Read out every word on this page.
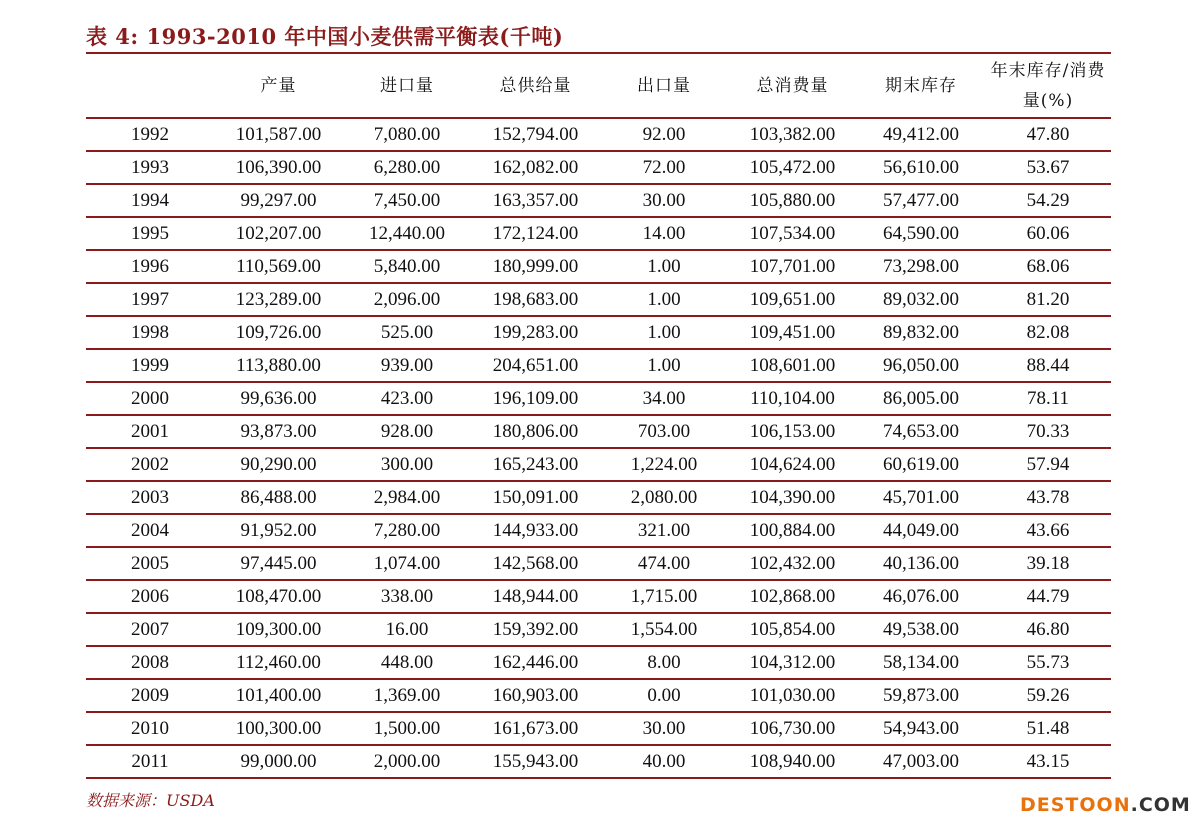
表 4: 1993-2010 年中国小麦供需平衡表(千吨)
	产量	进口量	总供给量	出口量	总消费量	期末库存	年末库存/消费量(%)
1992	101,587.00	7,080.00	152,794.00	92.00	103,382.00	49,412.00	47.80
1993	106,390.00	6,280.00	162,082.00	72.00	105,472.00	56,610.00	53.67
1994	99,297.00	7,450.00	163,357.00	30.00	105,880.00	57,477.00	54.29
1995	102,207.00	12,440.00	172,124.00	14.00	107,534.00	64,590.00	60.06
1996	110,569.00	5,840.00	180,999.00	1.00	107,701.00	73,298.00	68.06
1997	123,289.00	2,096.00	198,683.00	1.00	109,651.00	89,032.00	81.20
1998	109,726.00	525.00	199,283.00	1.00	109,451.00	89,832.00	82.08
1999	113,880.00	939.00	204,651.00	1.00	108,601.00	96,050.00	88.44
2000	99,636.00	423.00	196,109.00	34.00	110,104.00	86,005.00	78.11
2001	93,873.00	928.00	180,806.00	703.00	106,153.00	74,653.00	70.33
2002	90,290.00	300.00	165,243.00	1,224.00	104,624.00	60,619.00	57.94
2003	86,488.00	2,984.00	150,091.00	2,080.00	104,390.00	45,701.00	43.78
2004	91,952.00	7,280.00	144,933.00	321.00	100,884.00	44,049.00	43.66
2005	97,445.00	1,074.00	142,568.00	474.00	102,432.00	40,136.00	39.18
2006	108,470.00	338.00	148,944.00	1,715.00	102,868.00	46,076.00	44.79
2007	109,300.00	16.00	159,392.00	1,554.00	105,854.00	49,538.00	46.80
2008	112,460.00	448.00	162,446.00	8.00	104,312.00	58,134.00	55.73
2009	101,400.00	1,369.00	160,903.00	0.00	101,030.00	59,873.00	59.26
2010	100,300.00	1,500.00	161,673.00	30.00	106,730.00	54,943.00	51.48
2011	99,000.00	2,000.00	155,943.00	40.00	108,940.00	47,003.00	43.15
数据来源：USDA	DESTOON.COM
